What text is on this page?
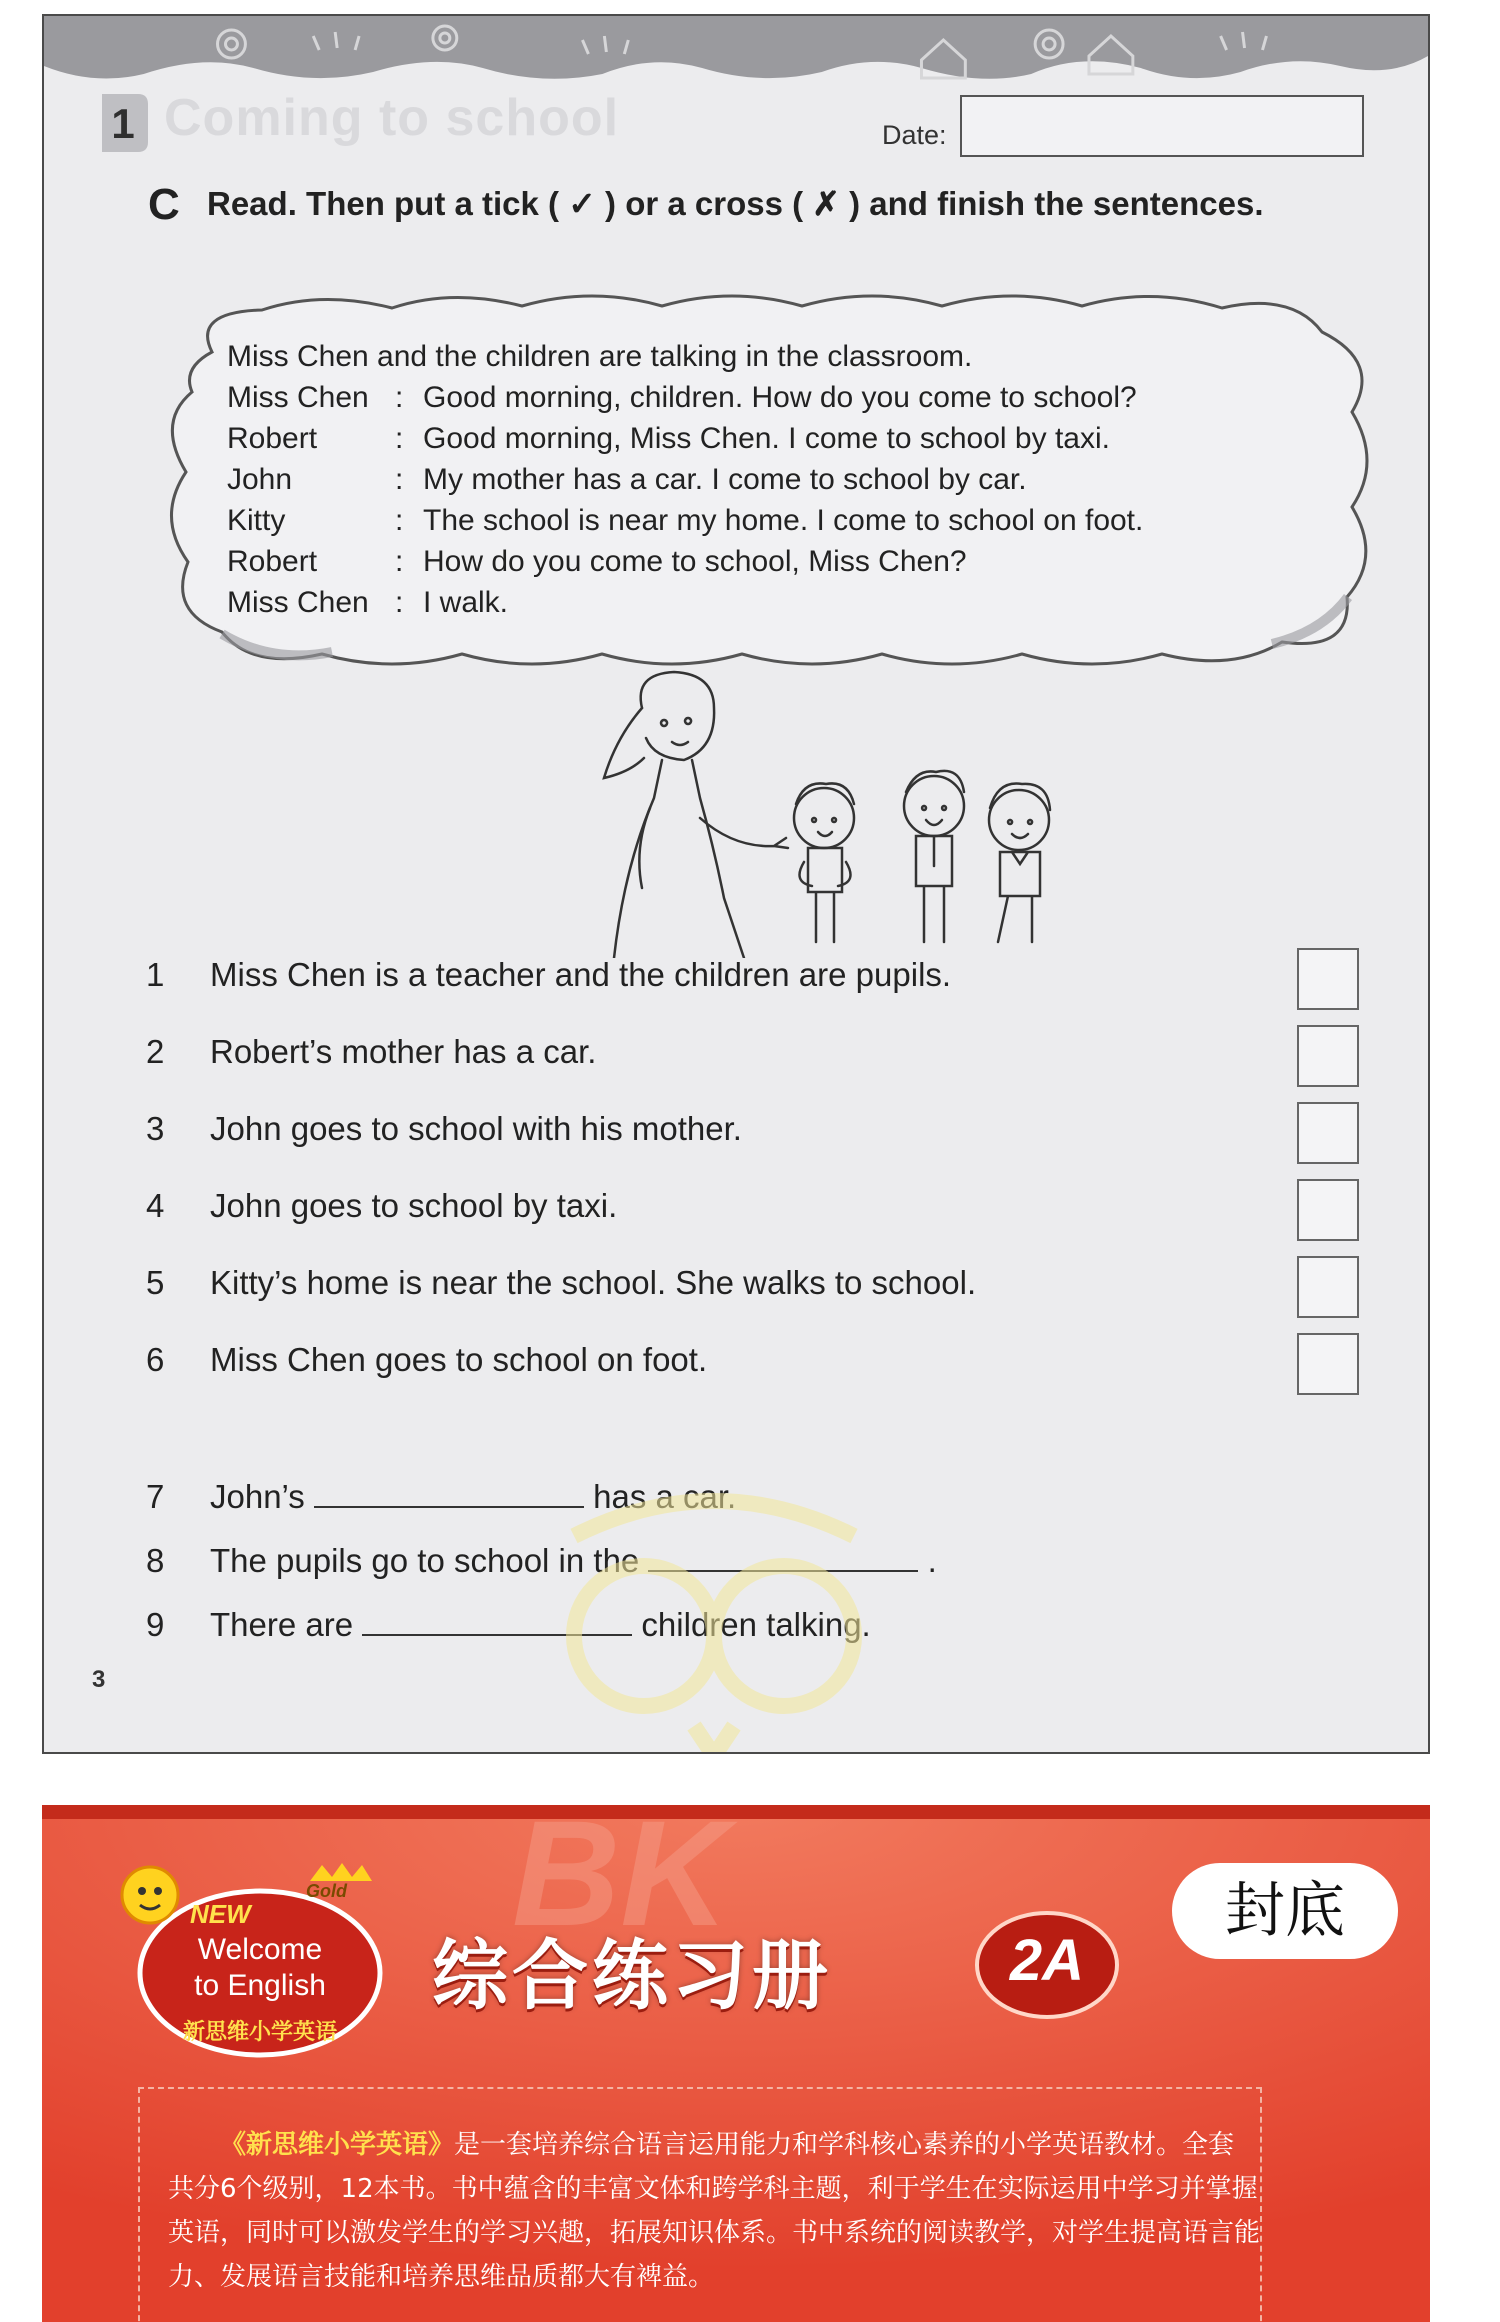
Coming to school
1	Date:
C Read. Then put a tick ( ✓ ) or a cross ( ✗ ) and finish the sentences.
Miss Chen and the children are talking in the classroom.
Miss Chen : Good morning, children. How do you come to school?
Robert	: Good morning, Miss Chen. I come to school by taxi.
John	: My mother has a car. I come to school by car.
Kitty	: The school is near my home. I come to school on foot.
Robert	: How do you come to school, Miss Chen?
Miss Chen : I walk.
1 Miss Chen is a teacher and the children are pupils.
2 Robert’s mother has a car.
3 John goes to school with his mother.
4 John goes to school by taxi.
5 Kitty’s home is near the school. She walks to school.
6 Miss Chen goes to school on foot.
7 John’s	has a car.
8 The pupils go to school in the	.
9 There are	children talking.
3
BK
NEW
Gold
Welcome
to English
新思维小学英语
综合练习册	2A
封底
《新思维小学英语》是一套培养综合语言运用能力和学科核心素养的小学英语教材。全套共分6个级别，12本书。书中蕴含的丰富文体和跨学科主题，利于学生在实际运用中学习并掌握英语，同时可以激发学生的学习兴趣，拓展知识体系。书中系统的阅读教学，对学生提高语言能力、发展语言技能和培养思维品质都大有裨益。
